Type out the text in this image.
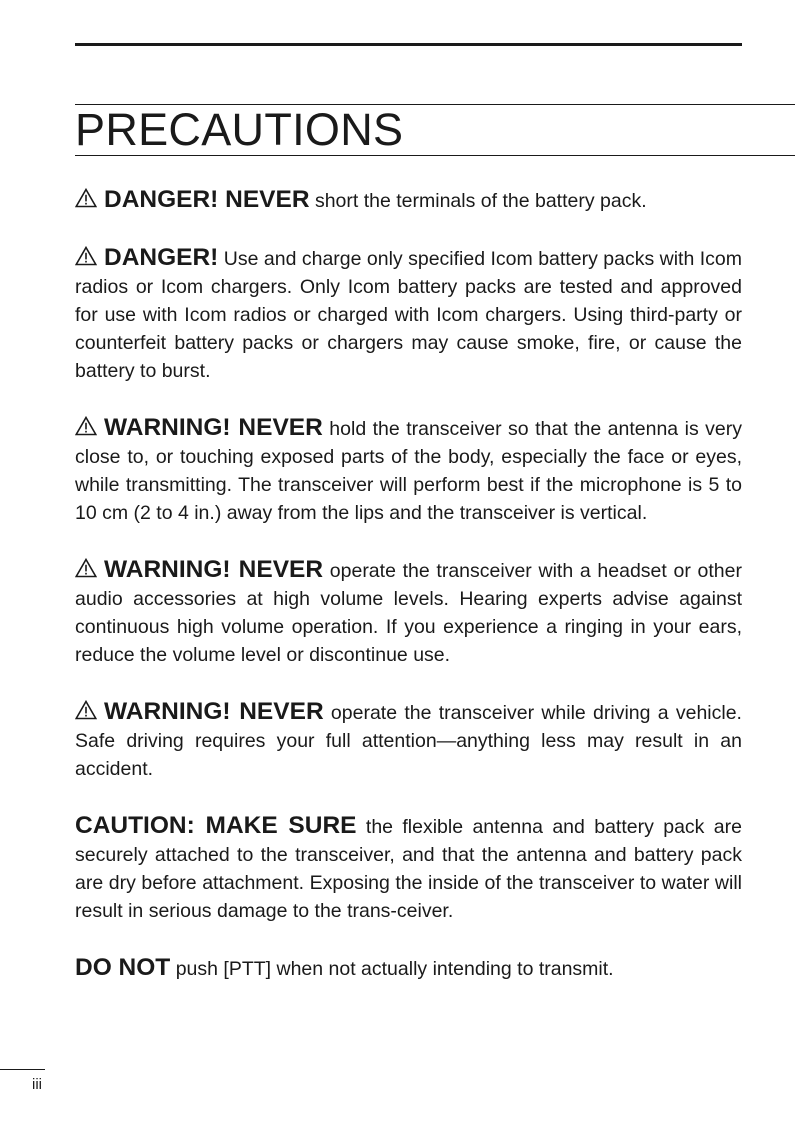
PRECAUTIONS

DANGER! NEVER short the terminals of the battery pack.

DANGER! Use and charge only specified Icom battery packs with Icom radios or Icom chargers. Only Icom battery packs are tested and approved for use with Icom radios or charged with Icom chargers. Using third-party or counterfeit battery packs or chargers may cause smoke, fire, or cause the battery to burst.

WARNING! NEVER hold the transceiver so that the antenna is very close to, or touching exposed parts of the body, especially the face or eyes, while transmitting. The transceiver will perform best if the microphone is 5 to 10 cm (2 to 4 in.) away from the lips and the transceiver is vertical.

WARNING! NEVER operate the transceiver with a headset or other audio accessories at high volume levels. Hearing experts advise against continuous high volume operation. If you experience a ringing in your ears, reduce the volume level or discontinue use.

WARNING! NEVER operate the transceiver while driving a vehicle. Safe driving requires your full attention—anything less may result in an accident.

CAUTION: MAKE SURE the flexible antenna and battery pack are securely attached to the transceiver, and that the antenna and battery pack are dry before attachment. Exposing the inside of the transceiver to water will result in serious damage to the trans-ceiver.

DO NOT push [PTT] when not actually intending to transmit.

iii
